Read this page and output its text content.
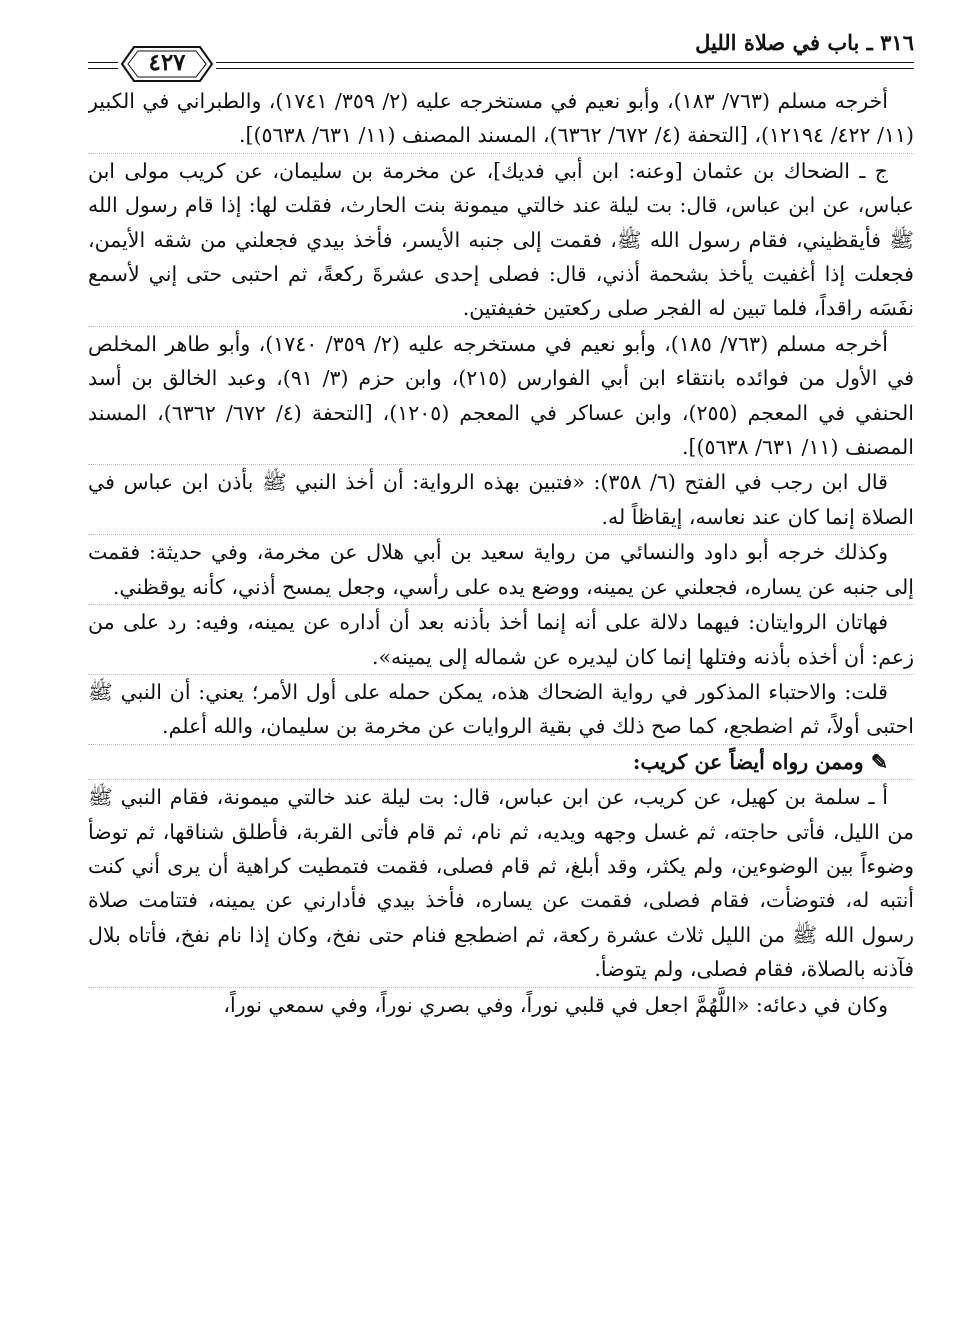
٣١٦ ـ باب في صلاة الليل
٤٢٧

أخرجه مسلم (٧٦٣/ ١٨٣)، وأبو نعيم في مستخرجه عليه (٢/ ٣٥٩/ ١٧٤١)، والطبراني في الكبير (١١/ ٤٢٢/ ١٢١٩٤)، [التحفة (٤/ ٦٧٢/ ٦٣٦٢)، المسند المصنف (١١/ ٦٣١/ ٥٦٣٨)].

ج ـ الضحاك بن عثمان [وعنه: ابن أبي فديك]، عن مخرمة بن سليمان، عن كريب مولى ابن عباس، عن ابن عباس، قال: بت ليلة عند خالتي ميمونة بنت الحارث، فقلت لها: إذا قام رسول الله ﷺ فأيقظيني، فقام رسول الله ﷺ، فقمت إلى جنبه الأيسر، فأخذ بيدي فجعلني من شقه الأيمن، فجعلت إذا أغفيت يأخذ بشحمة أذني، قال: فصلى إحدى عشرةَ ركعةً، ثم احتبى حتى إني لأسمع نفَسَه راقداً، فلما تبين له الفجر صلى ركعتين خفيفتين.

أخرجه مسلم (٧٦٣/ ١٨٥)، وأبو نعيم في مستخرجه عليه (٢/ ٣٥٩/ ١٧٤٠)، وأبو طاهر المخلص في الأول من فوائده بانتقاء ابن أبي الفوارس (٢١٥)، وابن حزم (٣/ ٩١)، وعبد الخالق بن أسد الحنفي في المعجم (٢٥٥)، وابن عساكر في المعجم (١٢٠٥)، [التحفة (٤/ ٦٧٢/ ٦٣٦٢)، المسند المصنف (١١/ ٦٣١/ ٥٦٣٨)].

قال ابن رجب في الفتح (٦/ ٣٥٨): «فتبين بهذه الرواية: أن أخذ النبي ﷺ بأذن ابن عباس في الصلاة إنما كان عند نعاسه، إيقاظاً له.

وكذلك خرجه أبو داود والنسائي من رواية سعيد بن أبي هلال عن مخرمة، وفي حديثة: فقمت إلى جنبه عن يساره، فجعلني عن يمينه، ووضع يده على رأسي، وجعل يمسح أذني، كأنه يوقظني.

فهاتان الروايتان: فيهما دلالة على أنه إنما أخذ بأذنه بعد أن أداره عن يمينه، وفيه: رد على من زعم: أن أخذه بأذنه وفتلها إنما كان ليديره عن شماله إلى يمينه».

قلت: والاحتباء المذكور في رواية الضحاك هذه، يمكن حمله على أول الأمر؛ يعني: أن النبي ﷺ احتبى أولاً، ثم اضطجع، كما صح ذلك في بقية الروايات عن مخرمة بن سليمان، والله أعلم.

✎ وممن رواه أيضاً عن كريب:

أ ـ سلمة بن كهيل، عن كريب، عن ابن عباس، قال: بت ليلة عند خالتي ميمونة، فقام النبي ﷺ من الليل، فأتى حاجته، ثم غسل وجهه ويديه، ثم نام، ثم قام فأتى القربة، فأطلق شناقها، ثم توضأ وضوءاً بين الوضوءين، ولم يكثر، وقد أبلغ، ثم قام فصلى، فقمت فتمطيت كراهية أن يرى أني كنت أنتبه له، فتوضأت، فقام فصلى، فقمت عن يساره، فأخذ بيدي فأدارني عن يمينه، فتتامت صلاة رسول الله ﷺ من الليل ثلاث عشرة ركعة، ثم اضطجع فنام حتى نفخ، وكان إذا نام نفخ، فأتاه بلال فآذنه بالصلاة، فقام فصلى، ولم يتوضأ.

وكان في دعائه: «اللَّهُمَّ اجعل في قلبي نوراً، وفي بصري نوراً، وفي سمعي نوراً،
